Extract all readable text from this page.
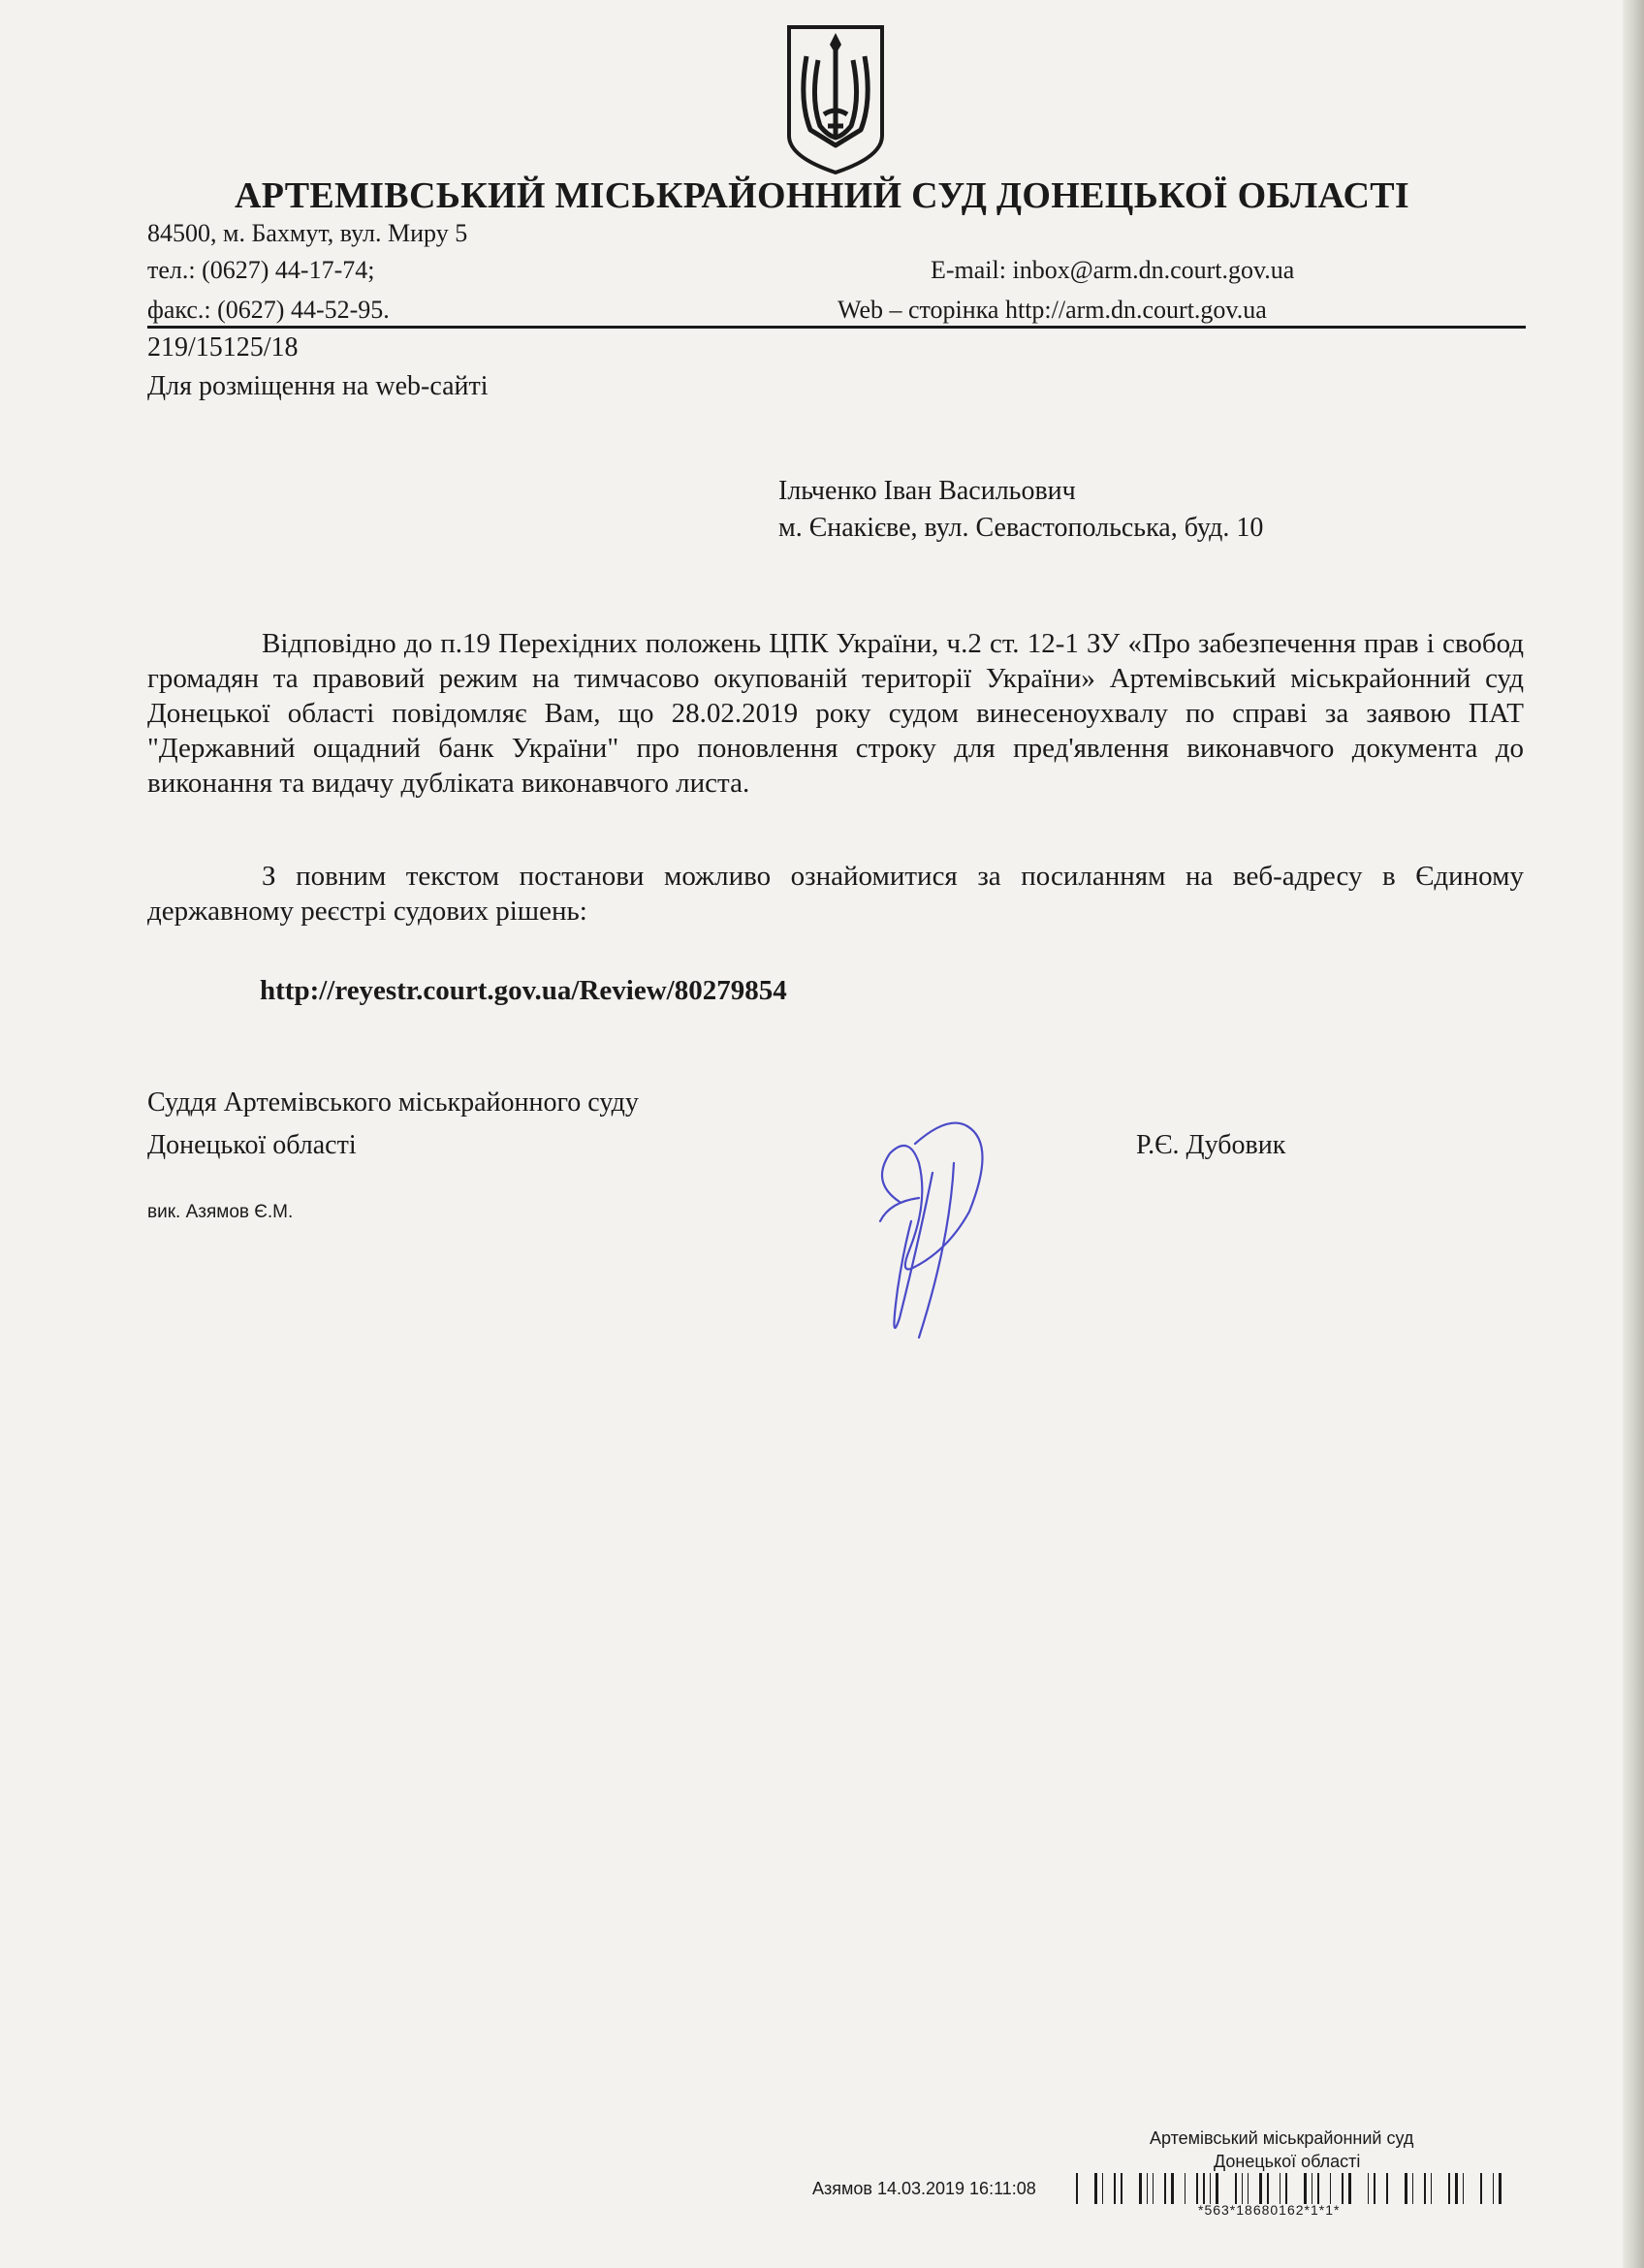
АРТЕМІВСЬКИЙ МІСЬКРАЙОННИЙ СУД ДОНЕЦЬКОЇ ОБЛАСТІ
84500, м. Бахмут, вул. Миру 5
тел.: (0627) 44-17-74;	E-mail: inbox@arm.dn.court.gov.ua
факс.: (0627) 44-52-95.	Web – сторінка http://arm.dn.court.gov.ua
219/15125/18
Для розміщення на web-сайті
Ільченко Іван Васильович
м. Єнакієве, вул. Севастопольська, буд. 10
Відповідно до п.19 Перехідних положень ЦПК України, ч.2 ст. 12-1 ЗУ «Про забезпечення прав і свобод громадян та правовий режим на тимчасово окупованій території України» Артемівський міськрайонний суд Донецької області повідомляє Вам, що 28.02.2019 року судом винесеноухвалу по справі за заявою ПАТ "Державний ощадний банк України" про поновлення строку для пред'явлення виконавчого документа до виконання та видачу дубліката виконавчого листа.
З повним текстом постанови можливо ознайомитися за посиланням на веб-адресу в Єдиному державному реєстрі судових рішень:
http://reyestr.court.gov.ua/Review/80279854
Суддя Артемівського міськрайонного суду
Донецької області	Р.Є. Дубовик
вик. Азямов Є.М.
Артемівський міськрайонний суд
Донецької області
Азямов 14.03.2019 16:11:08
*563*18680162*1*1*
